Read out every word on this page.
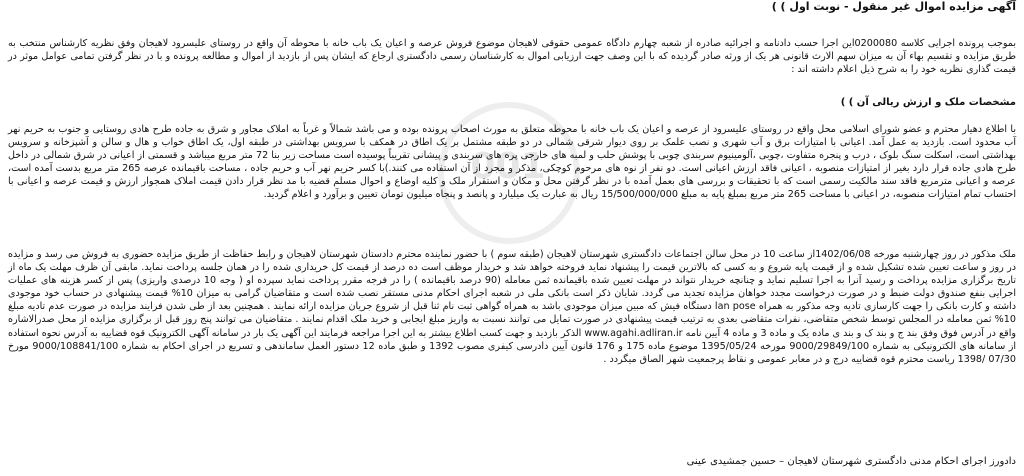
001
آگهی مزایده اموال غیر منقول - نوبت اول ) )
بموجب پرونده اجرایی کلاسه 0200080این اجرا حسب دادنامه و اجرائیه صادره از شعبه چهارم دادگاه عمومی حقوقی لاهیجان موضوع فروش عرصه و اعیان یک باب خانه با محوطه آن واقع در روستای علیسرود لاهیجان وفق نظریه کارشناس منتخب به طریق مزایده و تقسیم بهاء آن به میزان سهم الارث قانونی هر یک از ورثه صادر گردیده که با این وصف جهت ارزیابی اموال به کارشناسان رسمی دادگستری ارجاع که ایشان پس از بازدید از اموال و مطالعه پرونده و با در نظر گرفتن تمامی عوامل موثر در قیمت گذاری نظریه خود را به شرح ذیل اعلام داشته اند :
مشخصات ملک و ارزش ریالی آن ) )
با اطلاع دهیار محترم و عضو شورای اسلامی محل واقع در روستای علیسرود از عرصه و اعیان یک باب خانه با محوطه متعلق به مورث اصحاب پرونده بوده و می باشد شمالاً و غرباً به املاک مجاور و شرق به جاده طرح هادی روستایی و جنوب به حریم نهر آب محدود است. بازدید به عمل آمد. اعیانی با امتیازات برق و آب شهری و نصب علمک بر روی دیوار شرقی شمالی در دو طبقه مشتمل بر یک اطاق در همکف با سرویس بهداشتی در طبقه اول، یک اطاق خواب و هال و سالن و آشپزخانه و سرویس بهداشتی است، اسکلت سنگ بلوک ، درب و پنجره متفاوت ،چوبی ،آلومینیوم سربندی چوبی با پوشش حلب و لمبه های خارجی پره های سربندی و پیشانی تقریباً پوسیده است مساحت زیر بنا 72 متر مربع میباشد و قسمتی از اعیانی در شرق شمالی در داخل طرح هادی جاده قرار دارد بغیر از امتیازات منصوبه ، اعیانی فاقد ارزش اعیانی است. دو نفر از نوه های مرحوم کوچکی، مذکر و مجرد از آن استفاده می کنند.)با کسر حریم نهر آب و حریم جاده ، مساحت باقیمانده عرصه 265 متر مربع بدست آمده است، عرصه و اعیانی مترمربع فاقد سند مالکیت رسمی است که با تحقیقات و بررسی های بعمل آمده با در نظر گرفتن محل و مکان و استقرار ملک و کلیه اوضاع و احوال مسلم قضیه با مد نظر قرار دادن قیمت املاک همجوار ارزش و قیمت عرصه و اعیانی با احتساب تمام امتیازات منصوبه، در اعیانی با مساحت 265 متر مربع بمبلغ پایه به مبلغ 15/500/000/000 ریال به عبارت یک میلیارد و پانصد و پنجاه میلیون تومان تعیین و برآورد و اعلام گردید.
ملک مذکور در روز چهارشنبه مورخه 1402/06/08از ساعت 10 در محل سالن اجتماعات دادگستری شهرستان لاهیجان (طبقه سوم ) با حضور نماینده محترم دادستان شهرستان لاهیجان و رابط حفاظت از طریق مزایده حضوری به فروش می رسد و مزایده در روز و ساعت تعیین شده تشکیل شده و از قیمت پایه شروع و به کسی که بالاترین قیمت را پیشنهاد نماید فروخته خواهد شد و خریدار موظف است ده درصد از قیمت کل خریداری شده را در همان جلسه پرداخت نماید. مابقی آن ظرف مهلت یک ماه از تاریخ برگزاری مزایده پرداخت و رسید آنرا به اجرا تسلیم نماید و چنانچه خریدار نتواند در مهلت تعیین شده باقیمانده ثمن معامله (90 درصد باقیمانده ) را در فرجه مقرر پرداخت نماید سپرده او ( وجه 10 درصدی واریزی) پس از کسر هزینه های عملیات اجرایی بنفع صندوق دولت ضبط و در صورت درخواست مجدد خواهان مزایده تجدید می گردد. شایان ذکر است بانکی ملی در شعبه اجرای احکام مدنی مستقر نصب شده است و متقاضیان گرامی به میزان 10% قیمت پیشنهادی در حساب خود موجودی داشته و کارت بانکی را جهت کارسازی تادیه وجه مذکور به همراه lan pose دستگاه فیش که مبین میزان موجودی باشد به همراه گواهی ثبت نام ثنا قبل از شروع جریان مزایده ارائه نمایند . همچنین بعد از طی شدن فرایند مزایده در صورت عدم تادیه مبلغ 10% ثمن معامله در المجلس توسط شخص متقاضی، نفرات متقاضی بعدی به ترتیب قیمت پیشنهادی در صورت تمایل می توانند نسبت به واریز مبلغ ایجابی و خرید ملک اقدام نمایند . متقاضیان می توانند پنج روز قبل از برگزاری مزایده از محل صدرالاشاره واقع در آدرس فوق وفق بند ج و بند ک و بند ی ماده یک و ماده 3 و ماده 4 آیین نامه www.agahi.adliran.ir الذکر بازدید و جهت کسب اطلاع بیشتر به این اجرا مراجعه فرمایند این آگهی یک بار در سامانه آگهی الکترونیک قوه قضاییه به آدرس نحوه استفاده از سامانه های الکترونیکی به شماره 9000/29849/100 مورخه 1395/05/24 موضوع ماده 175 و 176 قانون آیین دادرسی کیفری مصوب 1392 و طبق ماده 12 دستور العمل ساماندهی و تسریع در اجرای احکام به شماره 9000/108841/100 مورخ 07/30 /1398 ریاست محترم قوه قضاییه درج و در معابر عمومی و نقاط پرجمعیت شهر الصاق میگردد .
دادورز اجرای احکام مدنی دادگستری شهرستان لاهیجان – حسین جمشیدی عینی
